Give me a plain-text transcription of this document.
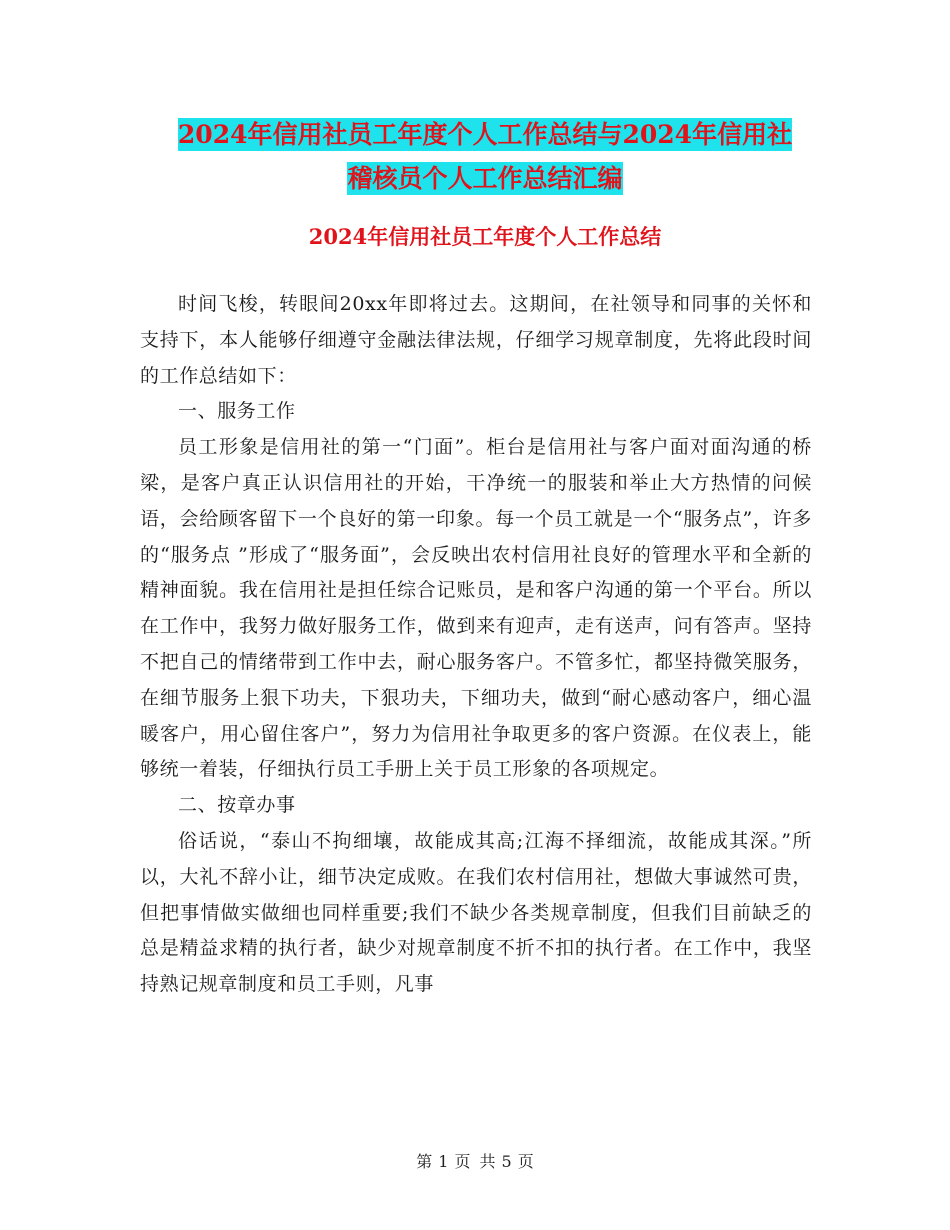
2024年信用社员工年度个人工作总结与2024年信用社
稽核员个人工作总结汇编
2024年信用社员工年度个人工作总结

时间飞梭，转眼间20xx年即将过去。这期间，在社领导和同事的关怀和支持下，本人能够仔细遵守金融法律法规，仔细学习规章制度，先将此段时间的工作总结如下：

一、服务工作

员工形象是信用社的第一“门面”。柜台是信用社与客户面对面沟通的桥梁，是客户真正认识信用社的开始，干净统一的服装和举止大方热情的问候语，会给顾客留下一个良好的第一印象。每一个员工就是一个“服务点”，许多的“服务点 ”形成了“服务面”，会反映出农村信用社良好的管理水平和全新的精神面貌。我在信用社是担任综合记账员，是和客户沟通的第一个平台。所以在工作中，我努力做好服务工作，做到来有迎声，走有送声，问有答声。坚持不把自己的情绪带到工作中去，耐心服务客户。不管多忙，都坚持微笑服务，在细节服务上狠下功夫，下狠功夫，下细功夫，做到“耐心感动客户，细心温暖客户，用心留住客户”，努力为信用社争取更多的客户资源。在仪表上，能够统一着装，仔细执行员工手册上关于员工形象的各项规定。

二、按章办事

俗话说，“泰山不拘细壤，故能成其高;江海不择细流，故能成其深。”所以，大礼不辞小让，细节决定成败。在我们农村信用社，想做大事诚然可贵，但把事情做实做细也同样重要;我们不缺少各类规章制度，但我们目前缺乏的总是精益求精的执行者，缺少对规章制度不折不扣的执行者。在工作中，我坚持熟记规章制度和员工手则，凡事

第 1 页 共 5 页
